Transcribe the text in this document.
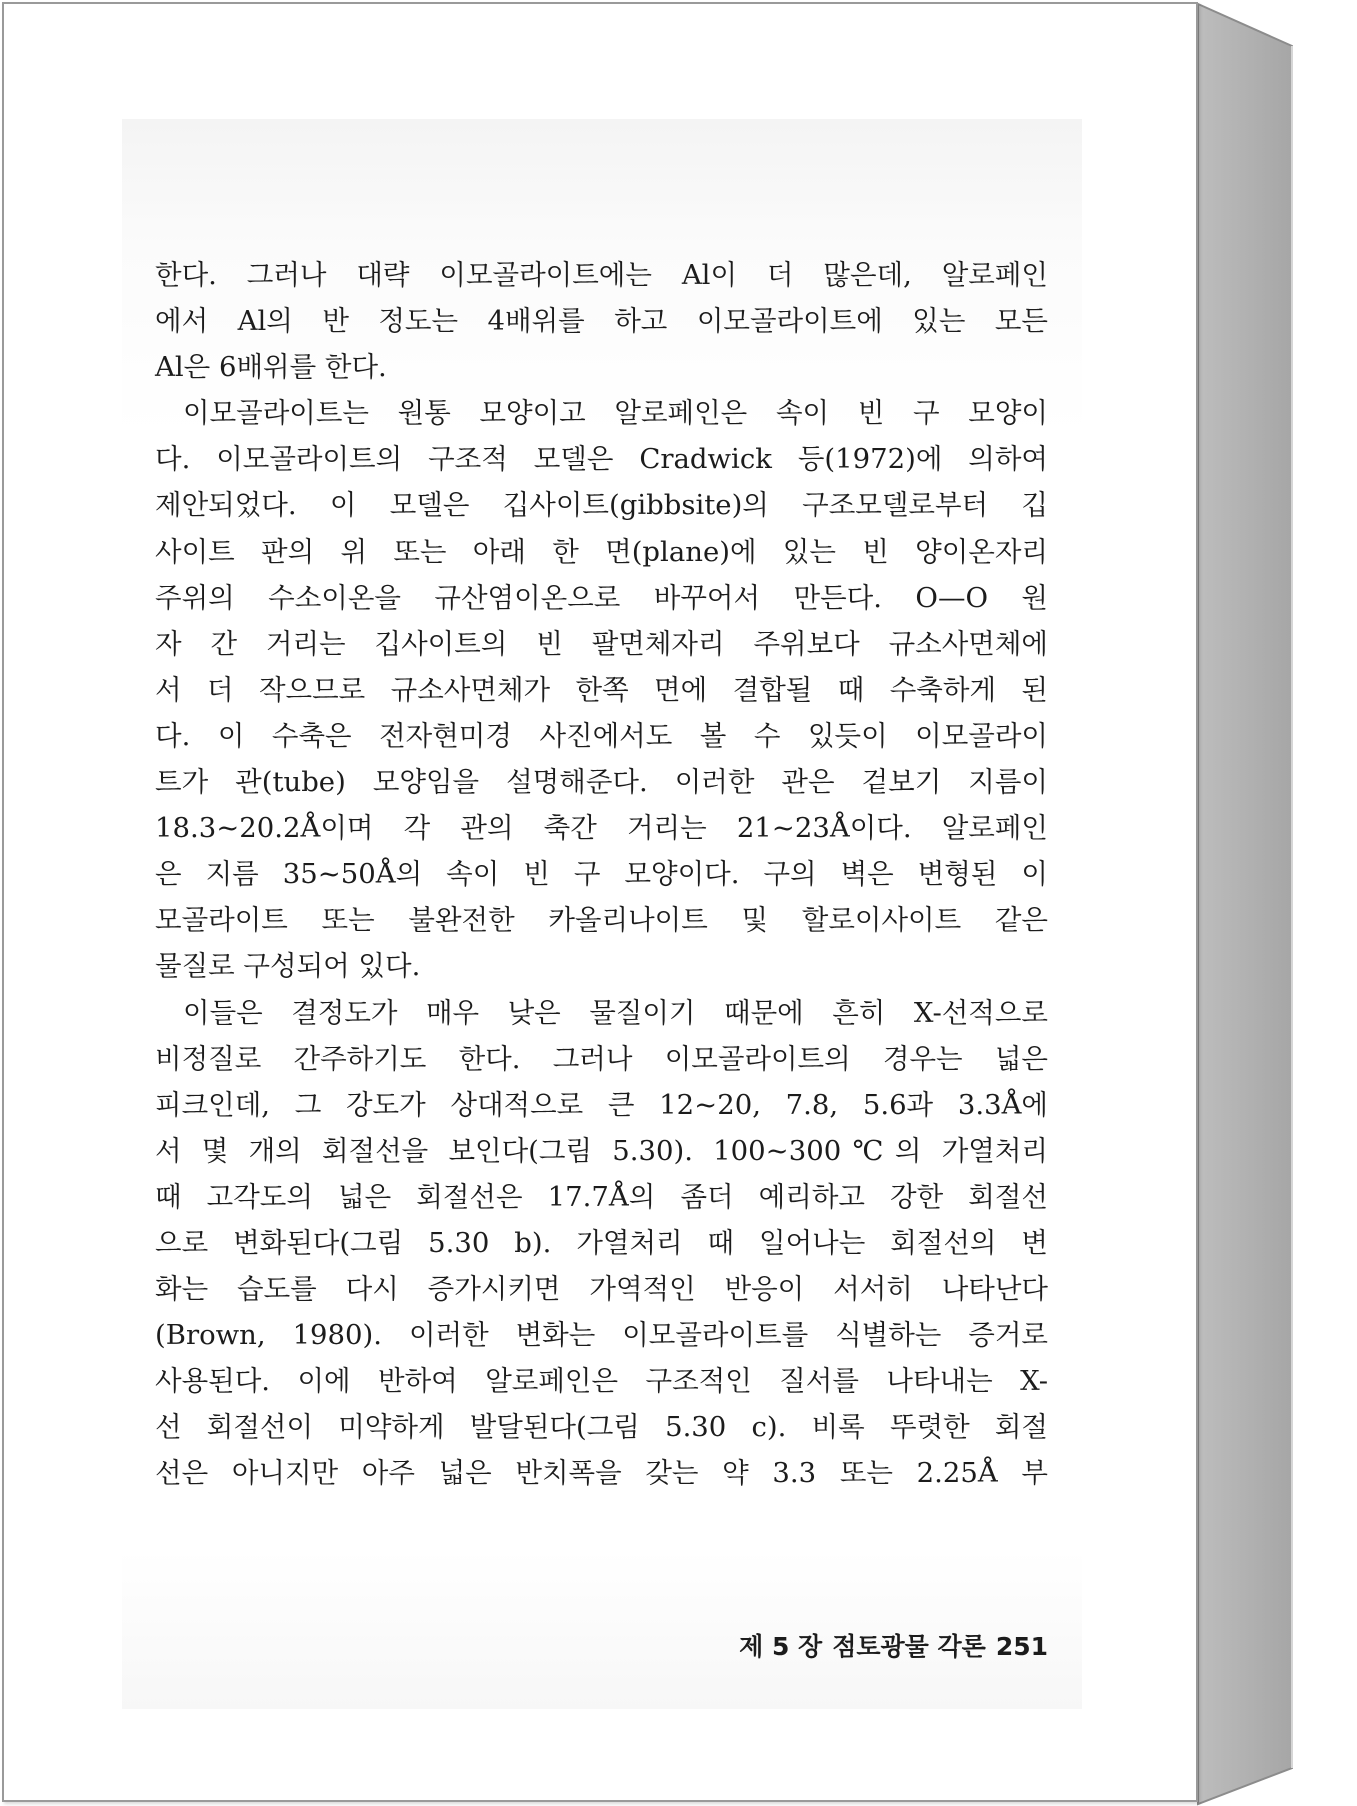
한다. 그러나 대략 이모골라이트에는 Al이 더 많은데, 알로페인
에서 Al의 반 정도는 4배위를 하고 이모골라이트에 있는 모든
Al은 6배위를 한다.
이모골라이트는 원통 모양이고 알로페인은 속이 빈 구 모양이
다. 이모골라이트의 구조적 모델은 Cradwick 등(1972)에 의하여
제안되었다. 이 모델은 깁사이트(gibbsite)의 구조모델로부터 깁
사이트 판의 위 또는 아래 한 면(plane)에 있는 빈 양이온자리
주위의 수소이온을 규산염이온으로 바꾸어서 만든다. O—O 원
자 간 거리는 깁사이트의 빈 팔면체자리 주위보다 규소사면체에
서 더 작으므로 규소사면체가 한쪽 면에 결합될 때 수축하게 된
다. 이 수축은 전자현미경 사진에서도 볼 수 있듯이 이모골라이
트가 관(tube) 모양임을 설명해준다. 이러한 관은 겉보기 지름이
18.3~20.2Å이며 각 관의 축간 거리는 21~23Å이다. 알로페인
은 지름 35~50Å의 속이 빈 구 모양이다. 구의 벽은 변형된 이
모골라이트 또는 불완전한 카올리나이트 및 할로이사이트 같은
물질로 구성되어 있다.
이들은 결정도가 매우 낮은 물질이기 때문에 흔히 X-선적으로
비정질로 간주하기도 한다. 그러나 이모골라이트의 경우는 넓은
피크인데, 그 강도가 상대적으로 큰 12~20, 7.8, 5.6과 3.3Å에
서 몇 개의 회절선을 보인다(그림 5.30). 100~300℃의 가열처리
때 고각도의 넓은 회절선은 17.7Å의 좀더 예리하고 강한 회절선
으로 변화된다(그림 5.30 b). 가열처리 때 일어나는 회절선의 변
화는 습도를 다시 증가시키면 가역적인 반응이 서서히 나타난다
(Brown, 1980). 이러한 변화는 이모골라이트를 식별하는 증거로
사용된다. 이에 반하여 알로페인은 구조적인 질서를 나타내는 X-
선 회절선이 미약하게 발달된다(그림 5.30 c). 비록 뚜렷한 회절
선은 아니지만 아주 넓은 반치폭을 갖는 약 3.3 또는 2.25Å 부
제 5 장 점토광물 각론 251
